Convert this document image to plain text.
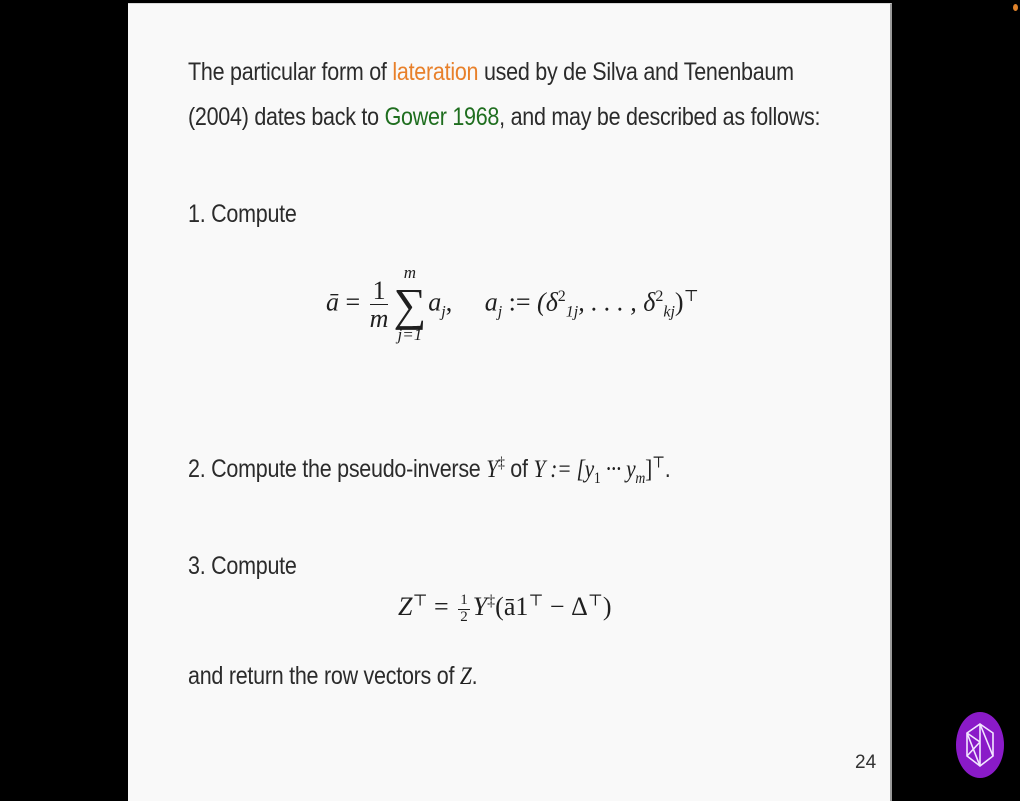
The particular form of lateration used by de Silva and Tenenbaum
(2004) dates back to Gower 1968, and may be described as follows:
1. Compute
ā = $\frac{1}{m}$
m
∑
j=1
$a_j$, $a_j$ := ($\delta^2_{1j}$, . . . , $\delta^2_{kj})^⊤$
2. Compute the pseudo-inverse Y‡ of Y := [$y_1$ ··· $y_m]^⊤$.
3. Compute
$Z^⊤ = \frac{1}{2}$ Y‡(ā1⊤ − Δ⊤)
and return the row vectors of Z.
24
